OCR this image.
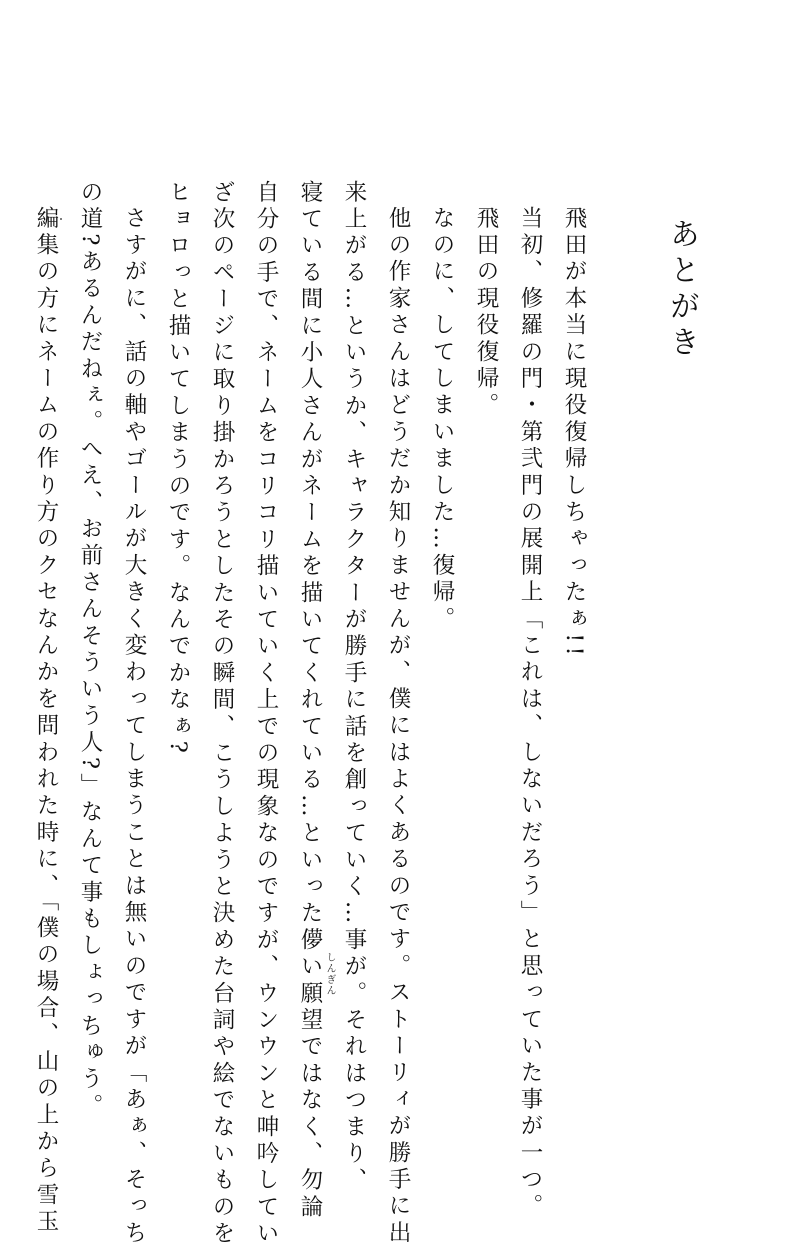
あとがき
飛田が本当に現役復帰しちゃったぁ!!
当初、修羅の門・第弐門の展開上「これは、しないだろう」と思っていた事が一つ。
飛田の現役復帰。
なのに、してしまいました…復帰。
他の作家さんはどうだか知りませんが、僕にはよくあるのです。ストーリィが勝手に出
来上がる…というか、キャラクターが勝手に話を創っていく…事が。それはつまり、
寝ている間に小人さんがネームを描いてくれている…といった儚い願望ではなく、勿論
自分の手で、ネームをコリコリ描いていく上での現象なのですが、ウンウンと呻吟してい
ざ次のページに取り掛かろうとしたその瞬間、こうしようと決めた台詞や絵でないものを
ヒョロっと描いてしまうのです。なんでかなぁ?
さすがに、話の軸やゴールが大きく変わってしまうことは無いのですが「あぁ、そっち
の道?あるんだねぇ。へえ、お前さんそういう人?」なんて事もしょっちゅう。
編集の方にネームの作り方のクセなんかを問われた時に、「僕の場合、山の上から雪玉	しんぎん
